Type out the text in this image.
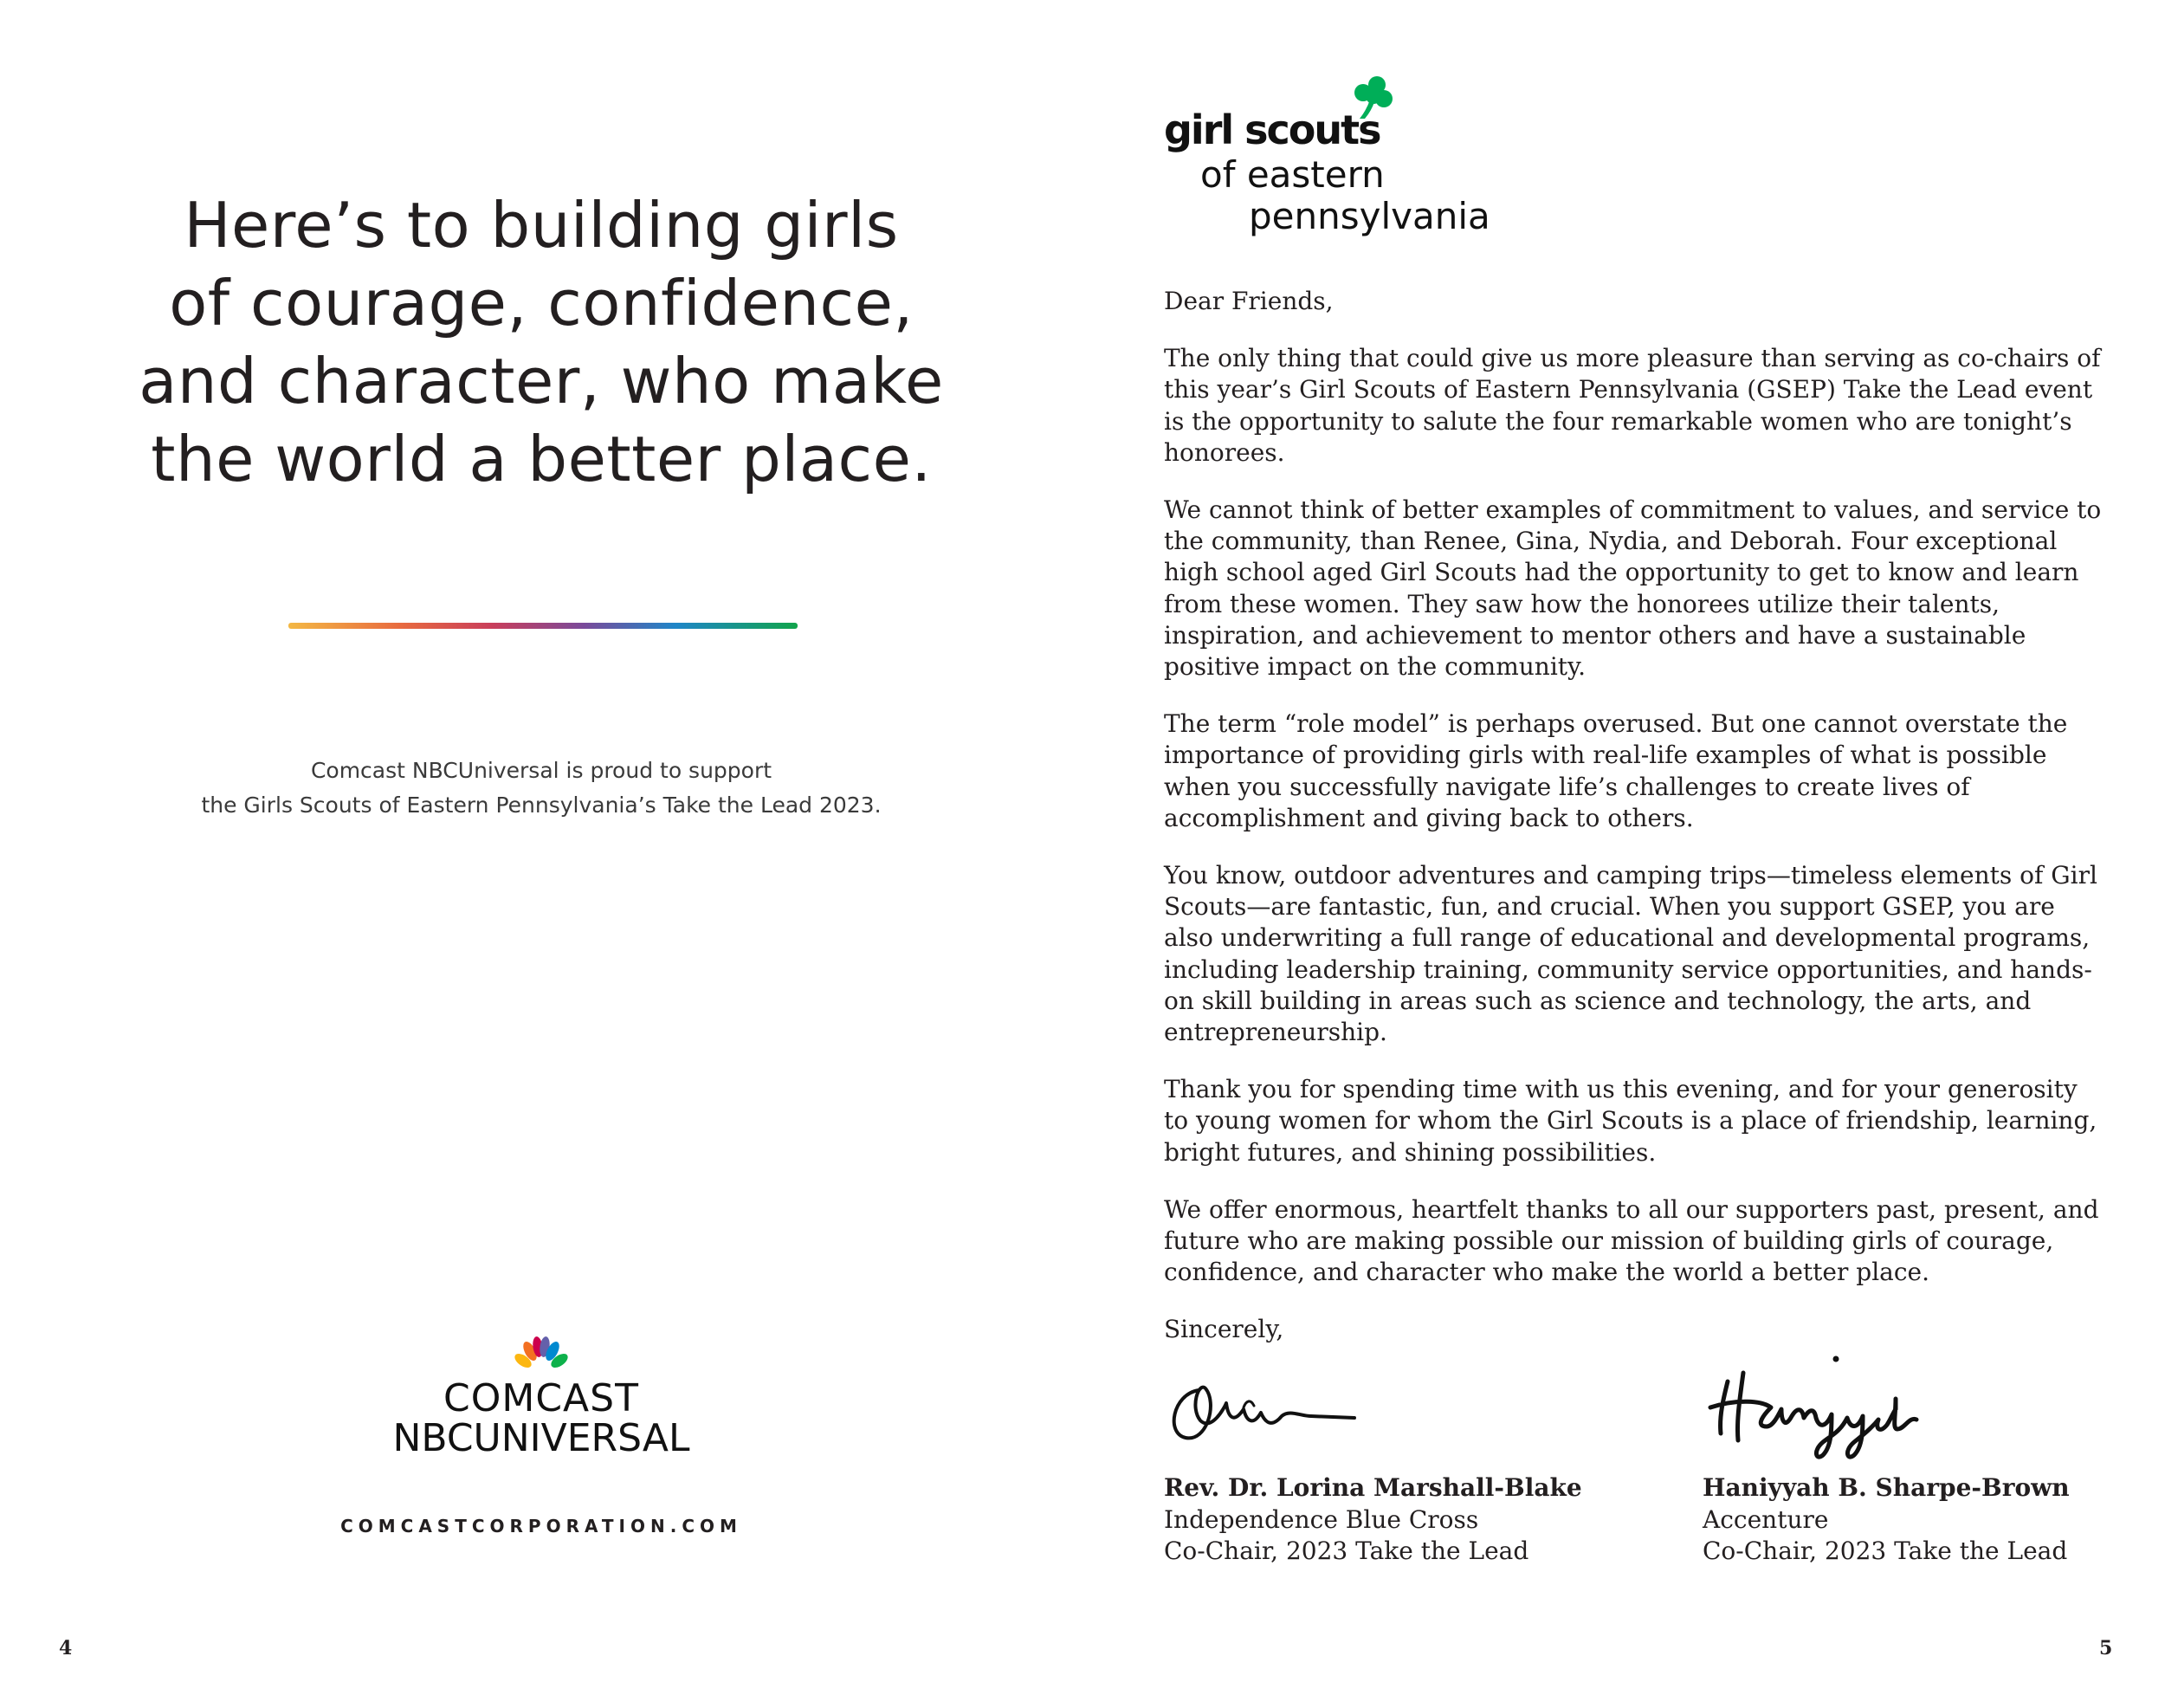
Here’s to building girls
of courage, confidence,
and character, who make
the world a better place.
Comcast NBCUniversal is proud to support
the Girls Scouts of Eastern Pennsylvania’s Take the Lead 2023.
COMCAST
NBCUNIVERSAL
COMCASTCORPORATION.COM
4
girl scouts
of eastern
pennsylvania

Dear Friends,

The only thing that could give us more pleasure than serving as co-chairs of this year’s Girl Scouts of Eastern Pennsylvania (GSEP) Take the Lead event is the opportunity to salute the four remarkable women who are tonight’s honorees.

We cannot think of better examples of commitment to values, and service to the community, than Renee, Gina, Nydia, and Deborah. Four exceptional high school aged Girl Scouts had the opportunity to get to know and learn from these women. They saw how the honorees utilize their talents, inspiration, and achievement to mentor others and have a sustainable positive impact on the community.

The term “role model” is perhaps overused. But one cannot overstate the importance of providing girls with real-life examples of what is possible when you successfully navigate life’s challenges to create lives of accomplishment and giving back to others.

You know, outdoor adventures and camping trips—timeless elements of Girl Scouts—are fantastic, fun, and crucial. When you support GSEP, you are also underwriting a full range of educational and developmental programs, including leadership training, community service opportunities, and hands-on skill building in areas such as science and technology, the arts, and entrepreneurship.

Thank you for spending time with us this evening, and for your generosity to young women for whom the Girl Scouts is a place of friendship, learning, bright futures, and shining possibilities.

We offer enormous, heartfelt thanks to all our supporters past, present, and future who are making possible our mission of building girls of courage, confidence, and character who make the world a better place.

Sincerely,

Rev. Dr. Lorina Marshall-Blake
Independence Blue Cross
Co-Chair, 2023 Take the Lead
Haniyyah B. Sharpe-Brown
Accenture
Co-Chair, 2023 Take the Lead
5
